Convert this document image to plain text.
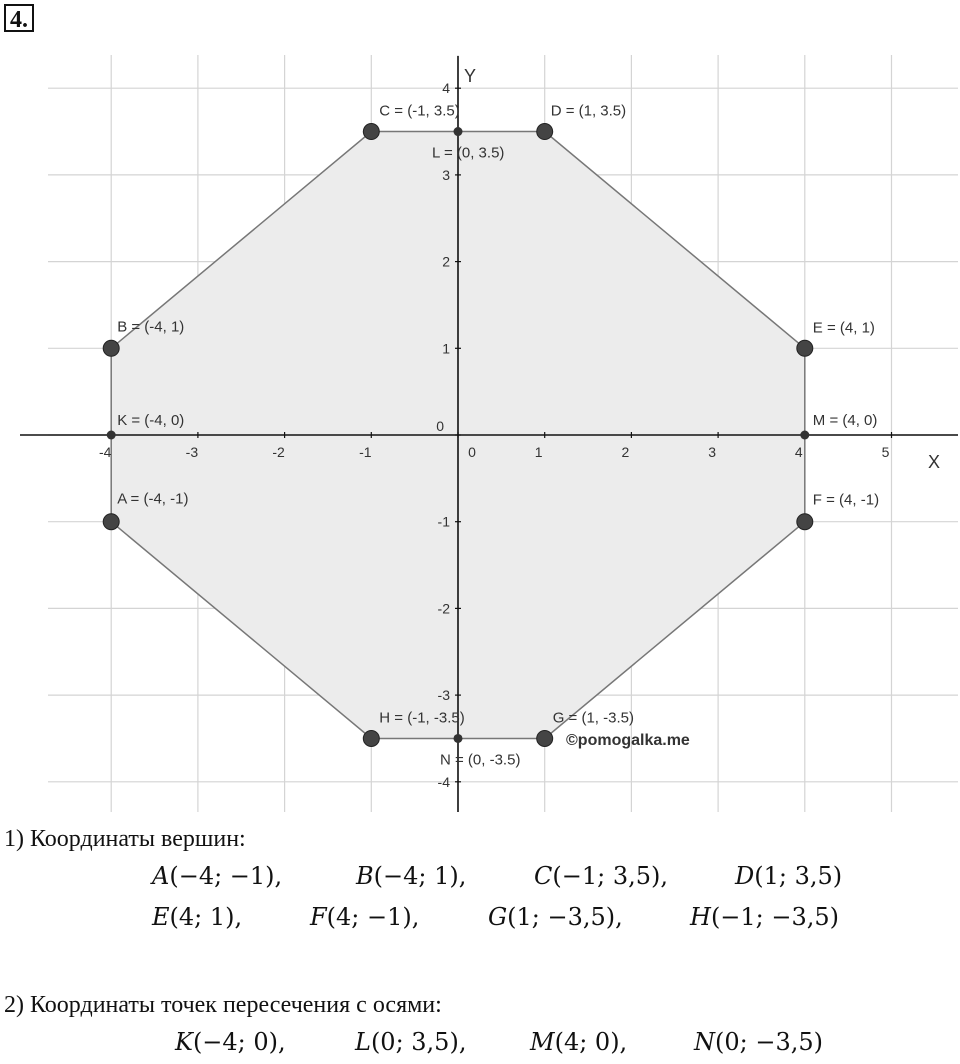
4.
-4	-3	-2	-1	0	1	2	3	4	5
-4
-3
-2
-1
0
1
2
3
4
X
Y
A = (-4, -1)
B = (-4, 1)
C = (-1, 3.5)	D = (1, 3.5)
E = (4, 1)
F = (4, -1)
G = (1, -3.5)
H = (-1, -3.5)
K = (-4, 0)
L = (0, 3.5)
M = (4, 0)
N = (0, -3.5)
©pomogalka.me
1) Координаты вершин:
A(−4; −1),	B(−4; 1),	C(−1; 3,5),	D(1; 3,5)
E(4; 1),	F(4; −1),	G(1; −3,5),	H(−1; −3,5)
2) Координаты точек пересечения с осями:
K(−4; 0),	L(0; 3,5),	M(4; 0),	N(0; −3,5)
